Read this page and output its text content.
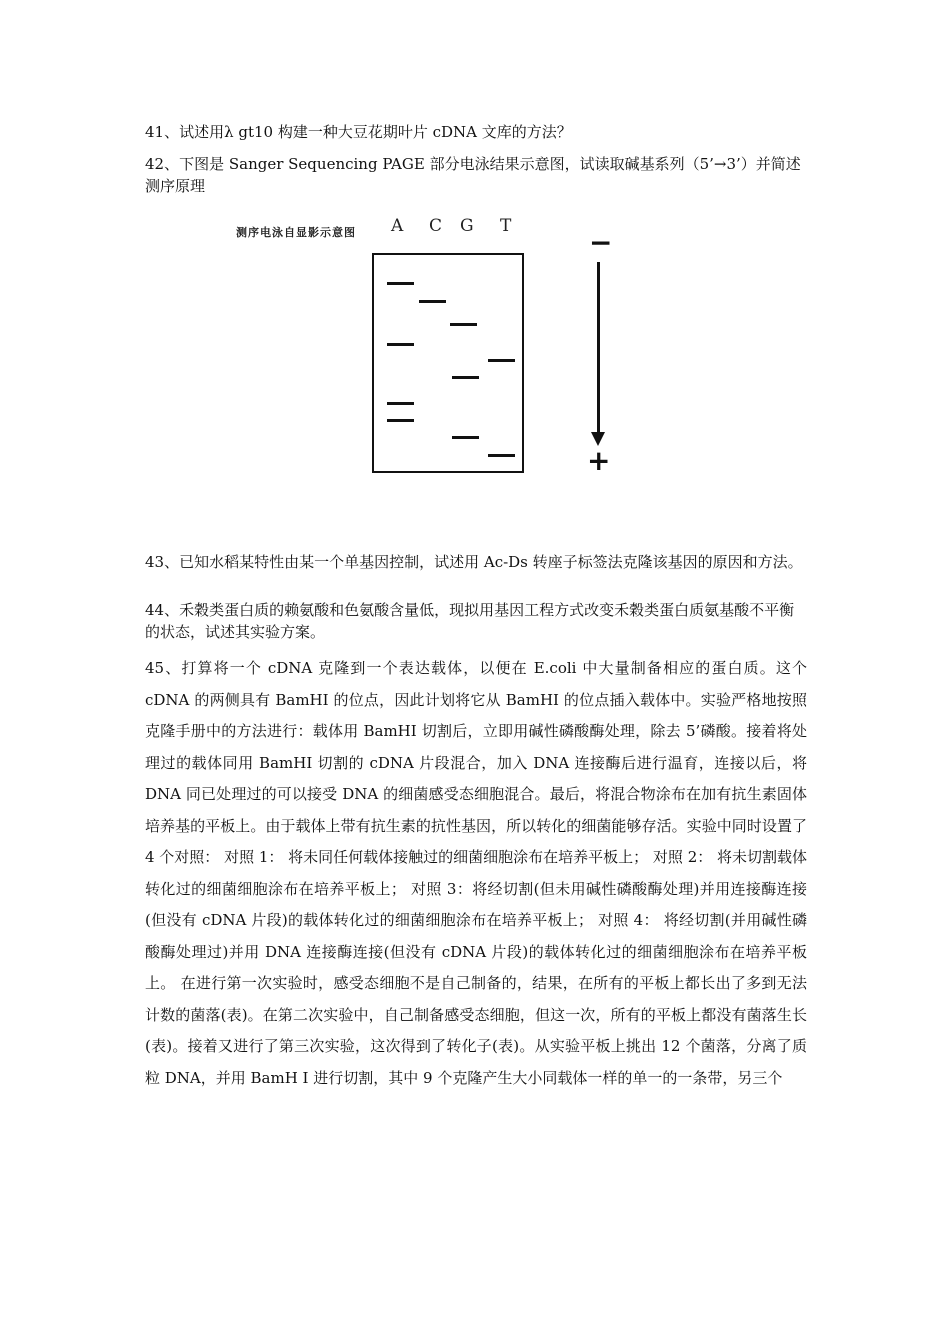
41、试述用λ gt10 构建一种大豆花期叶片 cDNA 文库的方法？

42、下图是 Sanger Sequencing PAGE 部分电泳结果示意图，试读取碱基系列（5’→3’）并简述测序原理

测序电泳自显影示意图 A C G T	−
+

43、已知水稻某特性由某一个单基因控制，试述用 Ac-Ds 转座子标签法克隆该基因的原因和方法。

44、禾穀类蛋白质的赖氨酸和色氨酸含量低，现拟用基因工程方式改变禾穀类蛋白质氨基酸不平衡的状态，试述其实验方案。

45、打算将一个 cDNA 克隆到一个表达载体，以便在 E.coli 中大量制备相应的蛋白质。这个 cDNA 的两侧具有 BamHI 的位点，因此计划将它从 BamHI 的位点插入载体中。实验严格地按照克隆手册中的方法进行：载体用 BamHI 切割后，立即用碱性磷酸酶处理，除去 5’磷酸。接着将处理过的载体同用 BamHI 切割的 cDNA 片段混合，加入 DNA 连接酶后进行温育，连接以后，将 DNA 同已处理过的可以接受 DNA 的细菌感受态细胞混合。最后，将混合物涂布在加有抗生素固体培养基的平板上。由于载体上带有抗生素的抗性基因，所以转化的细菌能够存活。实验中同时设置了 4 个对照： 对照 1： 将未同任何载体接触过的细菌细胞涂布在培养平板上； 对照 2： 将未切割载体转化过的细菌细胞涂布在培养平板上； 对照 3：将经切割(但未用碱性磷酸酶处理)并用连接酶连接(但没有 cDNA 片段)的载体转化过的细菌细胞涂布在培养平板上； 对照 4： 将经切割(并用碱性磷酸酶处理过)并用 DNA 连接酶连接(但没有 cDNA 片段)的载体转化过的细菌细胞涂布在培养平板上。 在进行第一次实验时，感受态细胞不是自己制备的，结果，在所有的平板上都长出了多到无法计数的菌落(表)。在第二次实验中，自己制备感受态细胞，但这一次，所有的平板上都没有菌落生长(表)。接着又进行了第三次实验，这次得到了转化子(表)。从实验平板上挑出 12 个菌落，分离了质粒 DNA，并用 BamH I 进行切割，其中 9 个克隆产生大小同载体一样的单一的一条带，另三个
